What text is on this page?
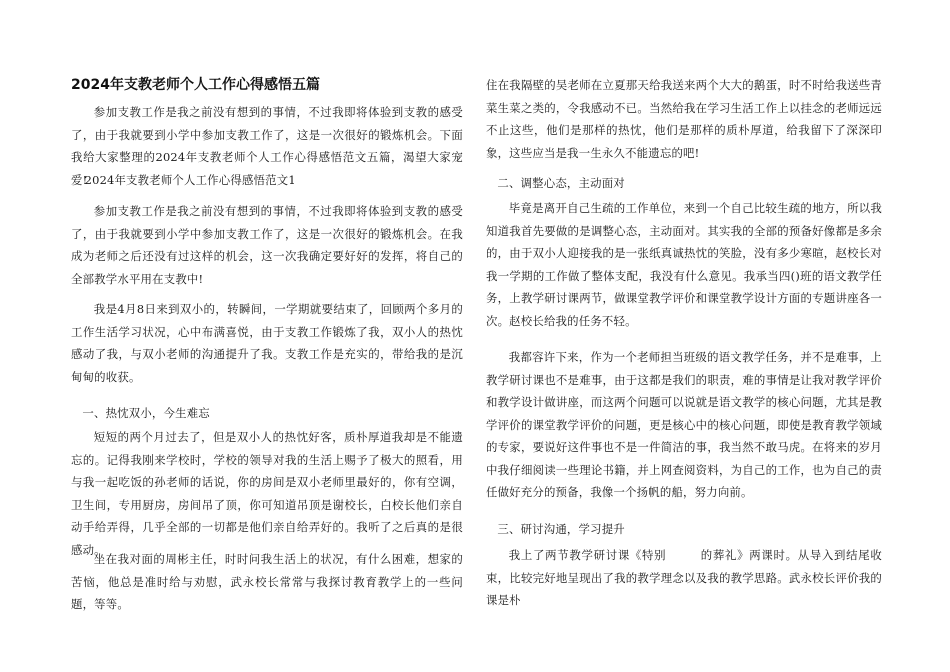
2024年支教老师个人工作心得感悟五篇
参加支教工作是我之前没有想到的事情，不过我即将体验到支教的感受了，由于我就要到小学中参加支教工作了，这是一次很好的锻炼机会。下面我给大家整理的2024年支教老师个人工作心得感悟范文五篇，渴望大家宠爱!
2024年支教老师个人工作心得感悟范文1
参加支教工作是我之前没有想到的事情，不过我即将体验到支教的感受了，由于我就要到小学中参加支教工作了，这是一次很好的锻炼机会。在我成为老师之后还没有过这样的机会，这一次我确定要好好的发挥，将自己的全部教学水平用在支教中!
我是4月8日来到双小的，转瞬间，一学期就要结束了，回顾两个多月的工作生活学习状况，心中布满喜悦，由于支教工作锻炼了我，双小人的热忱感动了我，与双小老师的沟通提升了我。支教工作是充实的，带给我的是沉甸甸的收获。
一、热忱双小，今生难忘
短短的两个月过去了，但是双小人的热忱好客，质朴厚道我却是不能遗忘的。记得我刚来学校时，学校的领导对我的生活上赐予了极大的照看，用与我一起吃饭的孙老师的话说，你的房间是双小老师里最好的，你有空调，卫生间，专用厨房，房间吊了顶，你可知道吊顶是谢校长，白校长他们亲自动手给弄得，几乎全部的一切都是他们亲自给弄好的。我听了之后真的是很感动。
坐在我对面的周彬主任，时时问我生活上的状况，有什么困难，想家的苦恼，他总是准时给与劝慰，武永校长常常与我探讨教育教学上的一些问题，等等。
住在我隔壁的吴老师在立夏那天给我送来两个大大的鹅蛋，时不时给我送些青菜生菜之类的，令我感动不已。当然给我在学习生活工作上以挂念的老师远远不止这些，他们是那样的热忱，他们是那样的质朴厚道，给我留下了深深印象，这些应当是我一生永久不能遗忘的吧!
二、调整心态，主动面对
毕竟是离开自己生疏的工作单位，来到一个自己比较生疏的地方，所以我知道我首先要做的是调整心态，主动面对。其实我的全部的预备好像都是多余的，由于双小人迎接我的是一张纸真诚热忱的笑脸，没有多少寒暄，赵校长对我一学期的工作做了整体支配，我没有什么意见。我承当四()班的语文教学任务，上教学研讨课两节，做课堂教学评价和课堂教学设计方面的专题讲座各一次。赵校长给我的任务不轻。
我都容许下来，作为一个老师担当班级的语文教学任务，并不是难事，上教学研讨课也不是难事，由于这都是我们的职责，难的事情是让我对教学评价和教学设计做讲座，而这两个问题可以说就是语文教学的核心问题，尤其是教学评价的课堂教学评价的问题，更是核心中的核心问题，即使是教育教学领域的专家，要说好这件事也不是一件简洁的事，我当然不敢马虎。在将来的岁月中我仔细阅读一些理论书籍，并上网查阅资料，为自己的工作，也为自己的责任做好充分的预备，我像一个扬帆的船，努力向前。
三、研讨沟通，学习提升
我上了两节教学研讨课《特别	的葬礼》两课时。从导入到结尾收束，比较完好地呈现出了我的教学理念以及我的教学思路。武永校长评价我的课是朴
